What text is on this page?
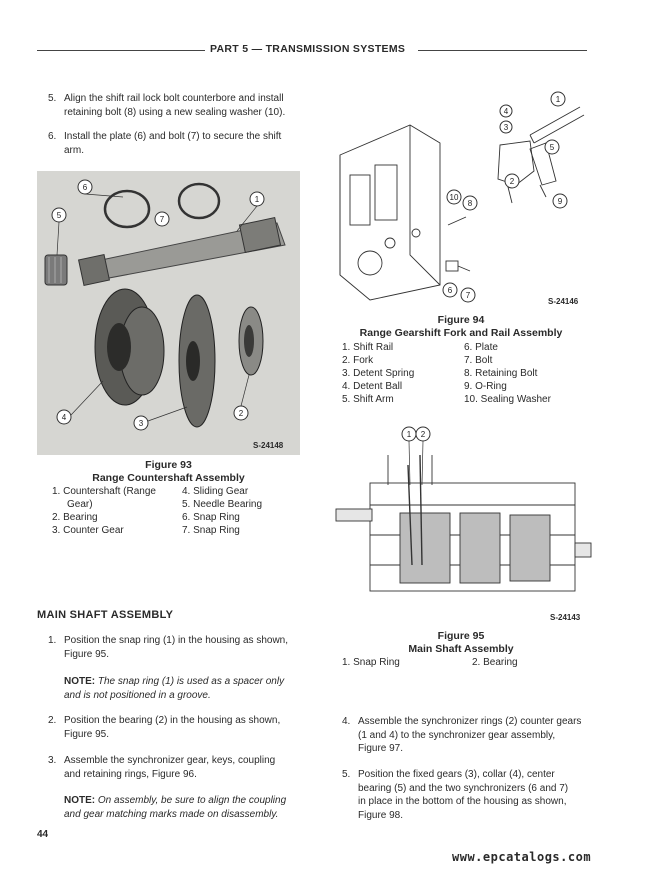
PART 5 — TRANSMISSION SYSTEMS
5. Align the shift rail lock bolt counterbore and install
retaining bolt (8) using a new sealing washer (10).
6. Install the plate (6) and bolt (7) to secure the shift
arm.
6
7
1
5
4
3
2
S-24148
Figure 93
Range Countershaft Assembly
1. Countershaft (Range
Gear)
2. Bearing
3. Counter Gear
4. Sliding Gear
5. Needle Bearing
6. Snap Ring
7. Snap Ring
1
4
3
5
2
9
10
8
6
7
S-24146
Figure 94
Range Gearshift Fork and Rail Assembly
1. Shift Rail
2. Fork
3. Detent Spring
4. Detent Ball
5. Shift Arm
6. Plate
7. Bolt
8. Retaining Bolt
9. O-Ring
10. Sealing Washer
1 2
S-24143
Figure 95
Main Shaft Assembly
1. Snap Ring	2. Bearing
MAIN SHAFT ASSEMBLY
1. Position the snap ring (1) in the housing as shown,
Figure 95.
NOTE: The snap ring (1) is used as a spacer only
and is not positioned in a groove.
2. Position the bearing (2) in the housing as shown,
Figure 95.
3. Assemble the synchronizer gear, keys, coupling
and retaining rings, Figure 96.
NOTE: On assembly, be sure to align the coupling
and gear matching marks made on disassembly.
4. Assemble the synchronizer rings (2) counter gears
(1 and 4) to the synchronizer gear assembly,
Figure 97.
5. Position the fixed gears (3), collar (4), center
bearing (5) and the two synchronizers (6 and 7)
in place in the bottom of the housing as shown,
Figure 98.
44
www.epcatalogs.com
